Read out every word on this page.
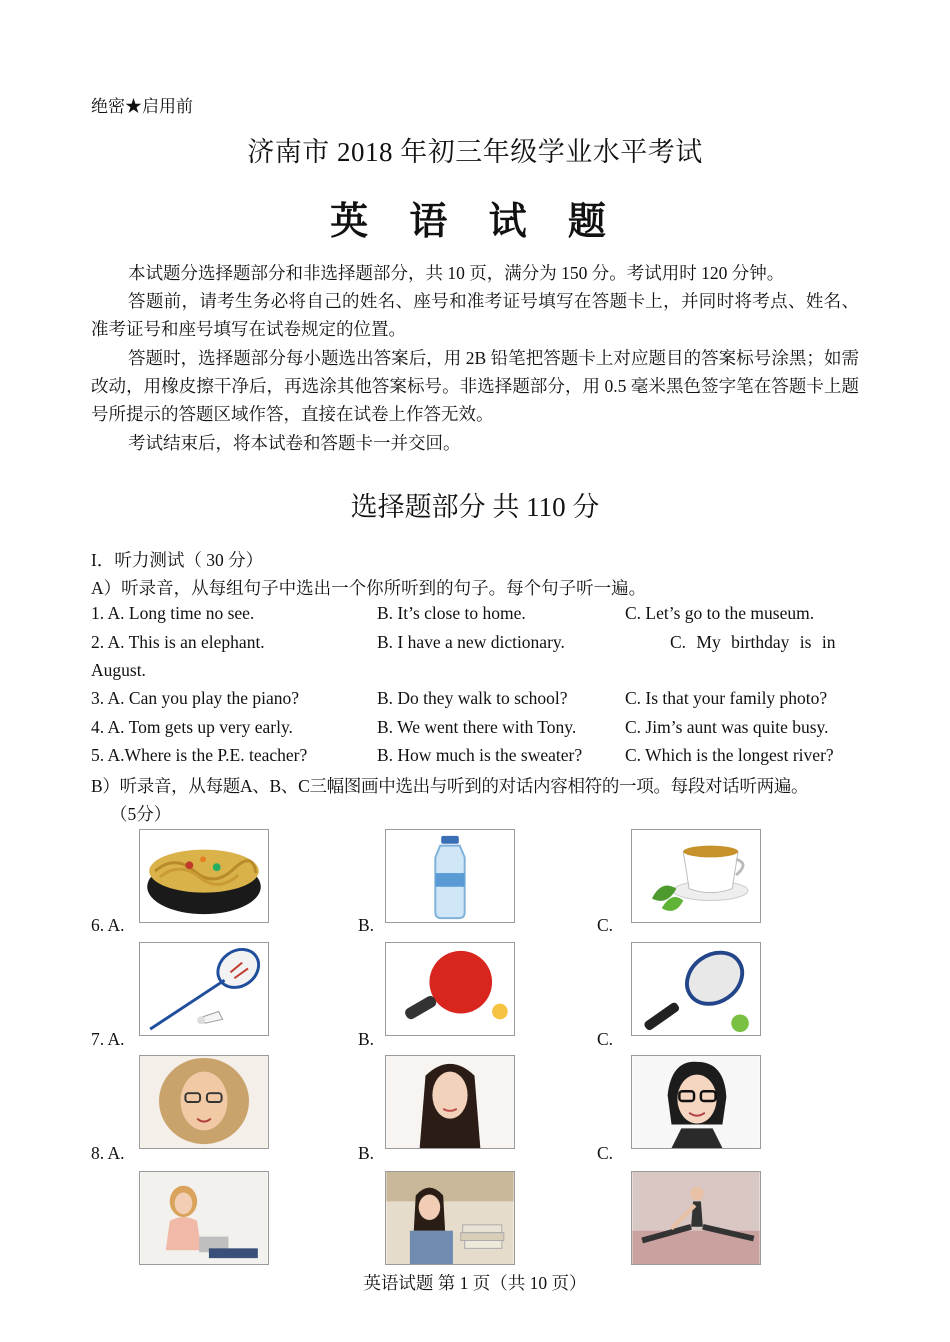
绝密★启用前
济南市 2018 年初三年级学业水平考试
英 语 试 题
本试题分选择题部分和非选择题部分，共 10 页，满分为 150 分。考试用时 120 分钟。
答题前，请考生务必将自己的姓名、座号和准考证号填写在答题卡上，并同时将考点、姓名、准考证号和座号填写在试卷规定的位置。
答题时，选择题部分每小题选出答案后，用 2B 铅笔把答题卡上对应题目的答案标号涂黑；如需改动，用橡皮擦干净后，再选涂其他答案标号。非选择题部分，用 0.5 毫米黑色签字笔在答题卡上题号所提示的答题区域作答，直接在试卷上作答无效。
考试结束后，将本试卷和答题卡一并交回。
选择题部分 共 110 分
I．听力测试（ 30 分）
A）听录音，从每组句子中选出一个你所听到的句子。每个句子听一遍。
1. A. Long time no see.	B. It’s close to home.	C. Let’s go to the museum.
2. A. This is an elephant.	B. I have a new dictionary.	C. My birthday is in
August.
3. A. Can you play the piano?	B. Do they walk to school?	C. Is that your family photo?
4. A. Tom gets up very early.	B. We went there with Tony.	C. Jim’s aunt was quite busy.
5. A.Where is the P.E. teacher?	B. How much is the sweater? C. Which is the longest river?
B）听录音，从每题A、B、C三幅图画中选出与听到的对话内容相符的一项。每段对话听两遍。
（5分）
6. A.	B.	C.
7. A.	B.	C.
8. A.	B.	C.
英语试题 第 1 页（共 10 页）
